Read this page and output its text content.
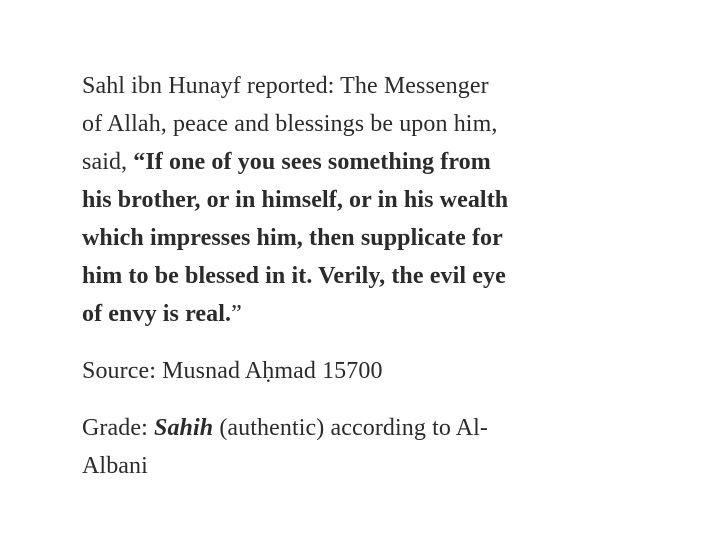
Sahl ibn Hunayf reported: The Messenger
of Allah, peace and blessings be upon him,
said, “If one of you sees something from
his brother, or in himself, or in his wealth
which impresses him, then supplicate for
him to be blessed in it. Verily, the evil eye
of envy is real.”

Source: Musnad Aḥmad 15700

Grade: Sahih (authentic) according to Al-
Albani
